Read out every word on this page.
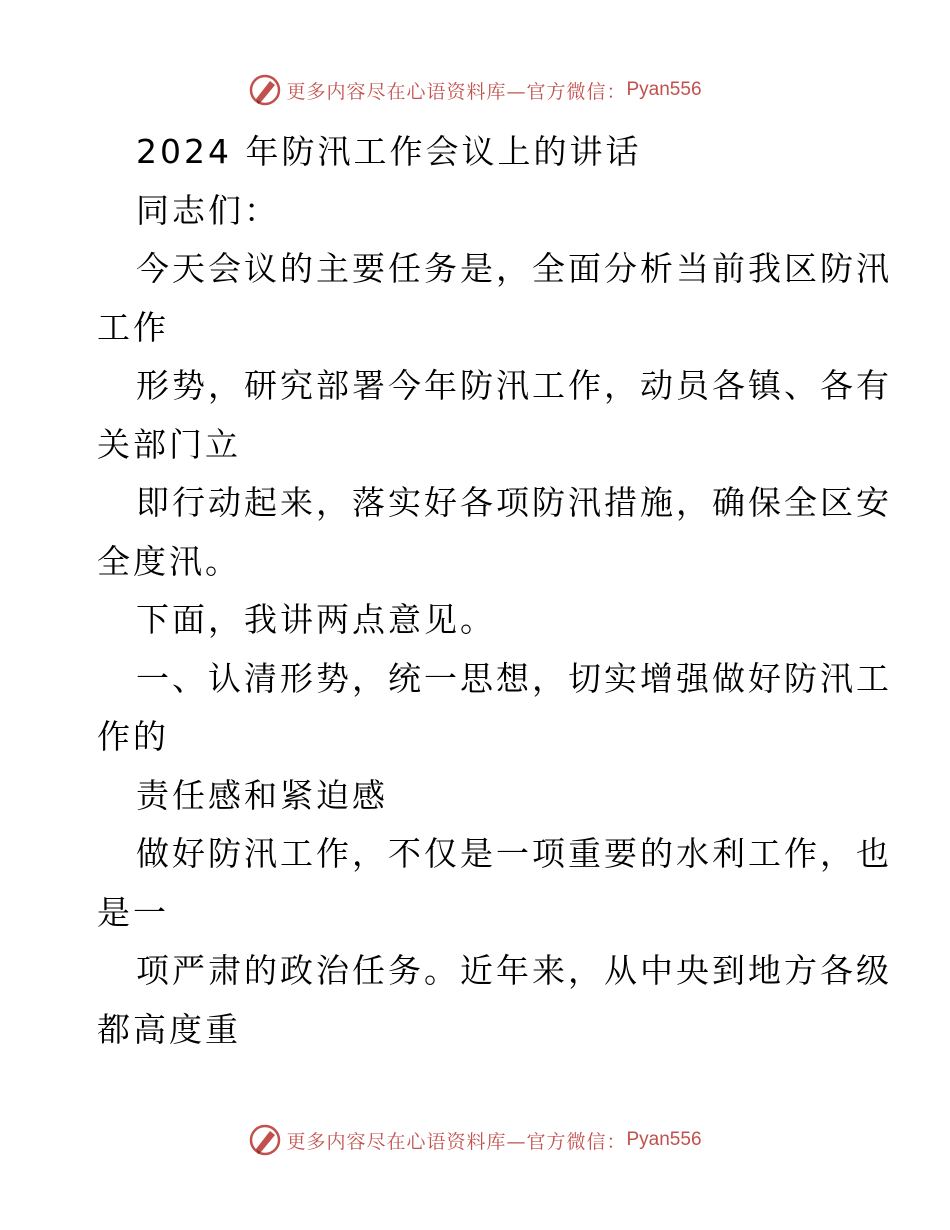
更多内容尽在心语资料库—官方微信： Pyan556
2024 年防汛工作会议上的讲话
同志们：
今天会议的主要任务是，全面分析当前我区防汛
工作
形势，研究部署今年防汛工作，动员各镇、各有
关部门立
即行动起来，落实好各项防汛措施，确保全区安
全度汛。
下面，我讲两点意见。
一、认清形势，统一思想，切实增强做好防汛工
作的
责任感和紧迫感
做好防汛工作，不仅是一项重要的水利工作，也
是一
项严肃的政治任务。近年来，从中央到地方各级
都高度重
更多内容尽在心语资料库—官方微信： Pyan556
